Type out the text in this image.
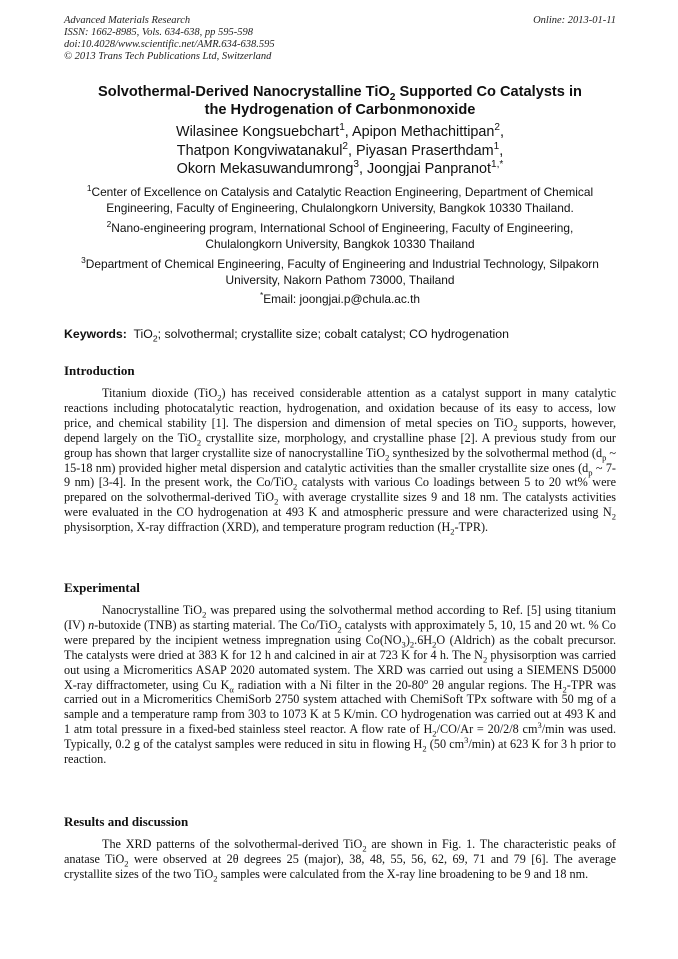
Advanced Materials Research
ISSN: 1662-8985, Vols. 634-638, pp 595-598
doi:10.4028/www.scientific.net/AMR.634-638.595
© 2013 Trans Tech Publications Ltd, Switzerland
Online: 2013-01-11
Solvothermal-Derived Nanocrystalline TiO$_2$ Supported Co Catalysts in
the Hydrogenation of Carbonmonoxide
Wilasinee Kongsuebchart$^1$, Apipon Methachittipan$^2$,
Thatpon Kongviwatanakul$^2$, Piyasan Praserthdam$^1$,
Okorn Mekasuwandumrong$^3$, Joongjai Panpranot$^{1,*}$
$^1$Center of Excellence on Catalysis and Catalytic Reaction Engineering, Department of Chemical
Engineering, Faculty of Engineering, Chulalongkorn University, Bangkok 10330 Thailand.
$^2$Nano-engineering program, International School of Engineering, Faculty of Engineering,
Chulalongkorn University, Bangkok 10330 Thailand
$^3$Department of Chemical Engineering, Faculty of Engineering and Industrial Technology, Silpakorn
University, Nakorn Pathom 73000, Thailand
*Email: joongjai.p@chula.ac.th
Keywords: TiO$_2$; solvothermal; crystallite size; cobalt catalyst; CO hydrogenation
Introduction

Titanium dioxide (TiO$_2$) has received considerable attention as a catalyst support in many catalytic reactions including photocatalytic reaction, hydrogenation, and oxidation because of its easy to access, low price, and chemical stability [1]. The dispersion and dimension of metal species on TiO$_2$ supports, however, depend largely on the TiO$_2$ crystallite size, morphology, and crystalline phase [2]. A previous study from our group has shown that larger crystallite size of nanocrystalline TiO$_2$ synthesized by the solvothermal method ($d_p$ ~ 15-18 nm) provided higher metal dispersion and catalytic activities than the smaller crystallite size ones ($d_p$ ~ 7-9 nm) [3-4]. In the present work, the Co/TiO$_2$ catalysts with various Co loadings between 5 to 20 wt% were prepared on the solvothermal-derived TiO$_2$ with average crystallite sizes 9 and 18 nm. The catalysts activities were evaluated in the CO hydrogenation at 493 K and atmospheric pressure and were characterized using $N_2$ physisorption, X-ray diffraction (XRD), and temperature program reduction $(H_2-TPR)$.

Experimental

Nanocrystalline TiO$_2$ was prepared using the solvothermal method according to Ref. [5] using titanium (IV) n-butoxide (TNB) as starting material. The Co/TiO$_2$ catalysts with approximately 5, 10, 15 and 20 wt. % Co were prepared by the incipient wetness impregnation using $Co(NO_3)_2.6H_2O$ (Aldrich) as the cobalt precursor. The catalysts were dried at 383 K for 12 h and calcined in air at 723 K for 4 h. The $N_2$ physisorption was carried out using a Micromeritics ASAP 2020 automated system. The XRD was carried out using a SIEMENS D5000 X-ray diffractometer, using Cu $K_\alpha$ radiation with a Ni filter in the 20-80$^o$ 2θ angular regions. The $H_2$-TPR was carried out in a Micromeritics ChemiSorb 2750 system attached with ChemiSoft TPx software with 50 mg of a sample and a temperature ramp from 303 to 1073 K at 5 K/min. CO hydrogenation was carried out at 493 K and 1 atm total pressure in a fixed-bed stainless steel reactor. A flow rate of $H_2/CO/Ar = 20/2/8$ $cm^3/\min$ was used. Typically, 0.2 g of the catalyst samples were reduced in situ in flowing $H_2$ (50 $cm^3/\min$) at 623 K for 3 h prior to reaction.

Results and discussion

The XRD patterns of the solvothermal-derived TiO$_2$ are shown in Fig. 1. The characteristic peaks of anatase TiO$_2$ were observed at 2θ degrees 25 (major), 38, 48, 55, 56, 62, 69, 71 and 79 [6]. The average crystallite sizes of the two TiO$_2$ samples were calculated from the X-ray line broadening to be 9 and 18 nm.
